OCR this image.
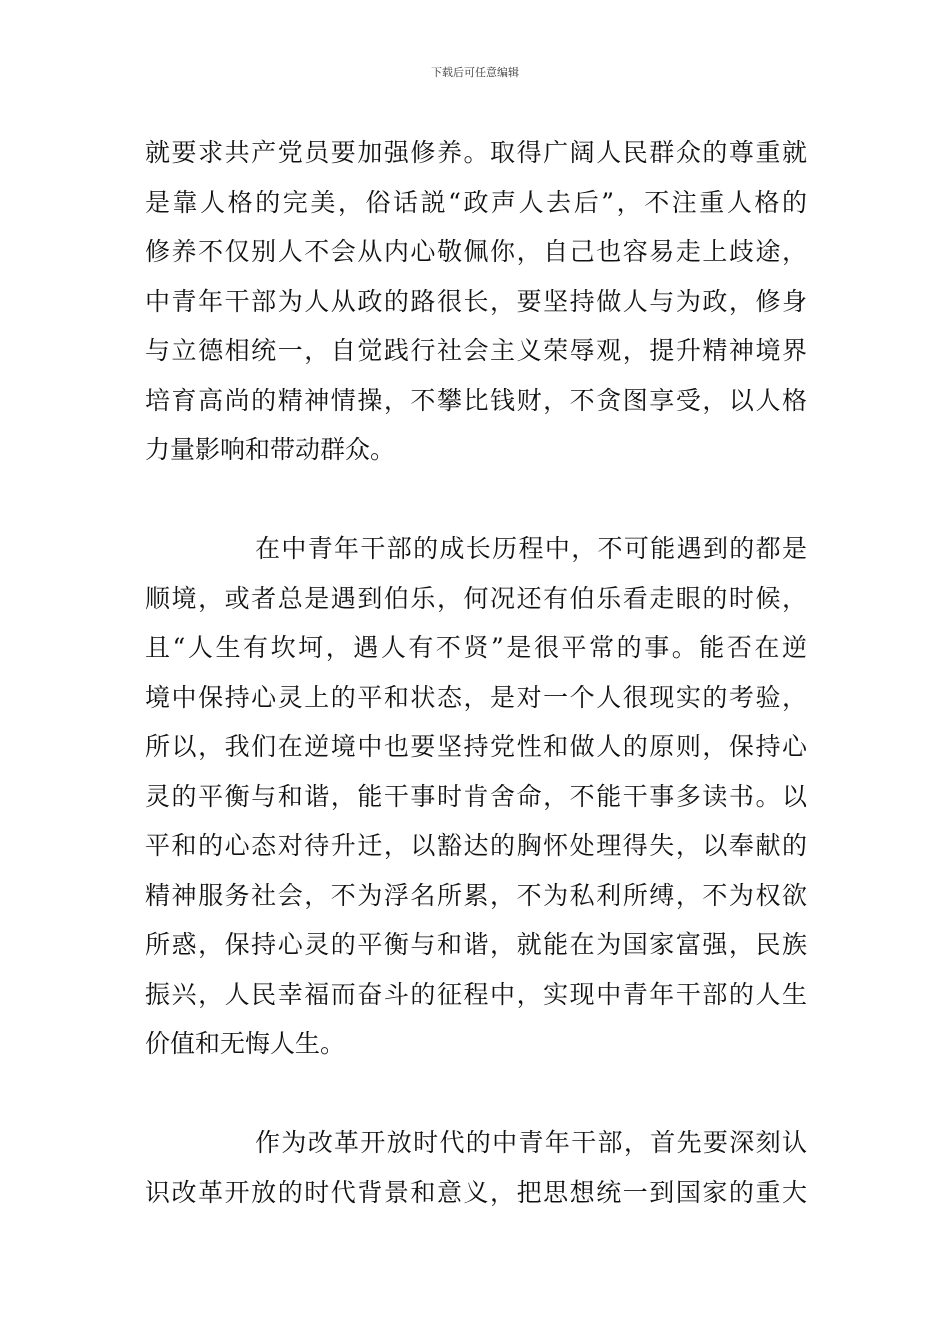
下载后可任意编辑
就要求共产党员要加强修养。取得广阔人民群众的尊重就
是靠人格的完美，俗话説“政声人去后”，不注重人格的
修养不仅别人不会从内心敬佩你，自己也容易走上歧途，
中青年干部为人从政的路很长，要坚持做人与为政，修身
与立德相统一，自觉践行社会主义荣辱观，提升精神境界
培育高尚的精神情操，不攀比钱财，不贪图享受，以人格
力量影响和带动群众。
在中青年干部的成长历程中，不可能遇到的都是
顺境，或者总是遇到伯乐，何况还有伯乐看走眼的时候，
且“人生有坎坷，遇人有不贤”是很平常的事。能否在逆
境中保持心灵上的平和状态，是对一个人很现实的考验，
所以，我们在逆境中也要坚持党性和做人的原则，保持心
灵的平衡与和谐，能干事时肯舍命，不能干事多读书。以
平和的心态对待升迁，以豁达的胸怀处理得失，以奉献的
精神服务社会，不为浮名所累，不为私利所缚，不为权欲
所惑，保持心灵的平衡与和谐，就能在为国家富强，民族
振兴，人民幸福而奋斗的征程中，实现中青年干部的人生
价值和无悔人生。
作为改革开放时代的中青年干部，首先要深刻认
识改革开放的时代背景和意义，把思想统一到国家的重大
